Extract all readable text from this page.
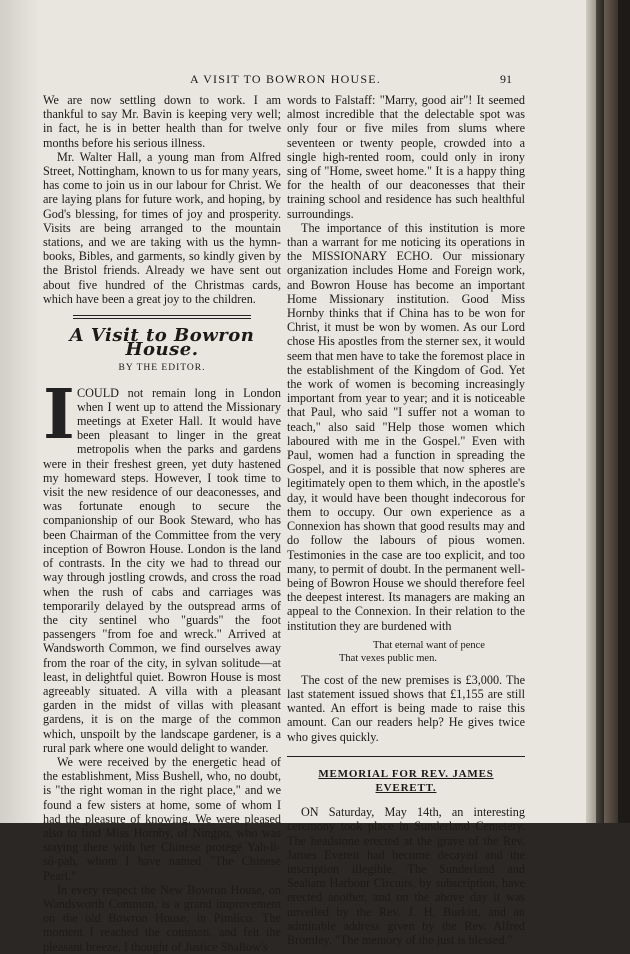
A VISIT TO BOWRON HOUSE.	91

We are now settling down to work. I am thankful to say Mr. Bavin is keeping very well; in fact, he is in better health than for twelve months before his serious illness.

Mr. Walter Hall, a young man from Alfred Street, Nottingham, known to us for many years, has come to join us in our labour for Christ. We are laying plans for future work, and hoping, by God's blessing, for times of joy and prosperity. Visits are being arranged to the mountain stations, and we are taking with us the hymn-books, Bibles, and garments, so kindly given by the Bristol friends. Already we have sent out about five hundred of the Christmas cards, which have been a great joy to the children.

A Visit to Bowron House.
BY THE EDITOR.
I COULD not remain long in London when I went up to attend the Missionary meetings at Exeter Hall. It would have been pleasant to linger in the great metropolis when the parks and gardens were in their freshest green, yet duty hastened my homeward steps. However, I took time to visit the new residence of our deaconesses, and was fortunate enough to secure the companionship of our Book Steward, who has been Chairman of the Committee from the very inception of Bowron House. London is the land of contrasts. In the city we had to thread our way through jostling crowds, and cross the road when the rush of cabs and carriages was temporarily delayed by the outspread arms of the city sentinel who "guards" the foot passengers "from foe and wreck." Arrived at Wandsworth Common, we find ourselves away from the roar of the city, in sylvan solitude—at least, in delightful quiet. Bowron House is most agreeably situated. A villa with a pleasant garden in the midst of villas with pleasant gardens, it is on the marge of the common which, unspoilt by the landscape gardener, is a rural park where one would delight to wander.

We were received by the energetic head of the establishment, Miss Bushell, who, no doubt, is "the right woman in the right place," and we found a few sisters at home, some of whom I had the pleasure of knowing. We were pleased also to find Miss Hornby, of Ningpo, who was staying there with her Chinese protégé Yah-li-sö-pah, whom I have named "The Chinese Pearl."

In every respect the New Bowron House, on Wandsworth Common, is a grand improvement on the old Bowron House, in Pimlico. The moment I reached the common, and felt the pleasant breeze, I thought of Justice Shallow's

words to Falstaff: "Marry, good air"! It seemed almost incredible that the delectable spot was only four or five miles from slums where seventeen or twenty people, crowded into a single high-rented room, could only in irony sing of "Home, sweet home." It is a happy thing for the health of our deaconesses that their training school and residence has such healthful surroundings.

The importance of this institution is more than a warrant for me noticing its operations in the MISSIONARY ECHO. Our missionary organization includes Home and Foreign work, and Bowron House has become an important Home Missionary institution. Good Miss Hornby thinks that if China has to be won for Christ, it must be won by women. As our Lord chose His apostles from the sterner sex, it would seem that men have to take the foremost place in the establishment of the Kingdom of God. Yet the work of women is becoming increasingly important from year to year; and it is noticeable that Paul, who said "I suffer not a woman to teach," also said "Help those women which laboured with me in the Gospel." Even with Paul, women had a function in spreading the Gospel, and it is possible that now spheres are legitimately open to them which, in the apostle's day, it would have been thought indecorous for them to occupy. Our own experience as a Connexion has shown that good results may and do follow the labours of pious women. Testimonies in the case are too explicit, and too many, to permit of doubt. In the permanent well-being of Bowron House we should therefore feel the deepest interest. Its managers are making an appeal to the Connexion. In their relation to the institution they are burdened with

That eternal want of pence
That vexes public men.

The cost of the new premises is £3,000. The last statement issued shows that £1,155 are still wanted. An effort is being made to raise this amount. Can our readers help? He gives twice who gives quickly.

MEMORIAL FOR REV. JAMES EVERETT.

ON Saturday, May 14th, an interesting ceremony took place in Sunderland Cemetery. The headstone erected at the grave of the Rev. James Everett had become decayed and the inscription illegible. The Sunderland and Seaham Harbour Circuits, by subscription, have erected another, and on the above day it was unveiled by the Rev. J. H. Burkitt, and an admirable address given by the Rev. Alfred Bromley. "The memory of the just is blessed."
